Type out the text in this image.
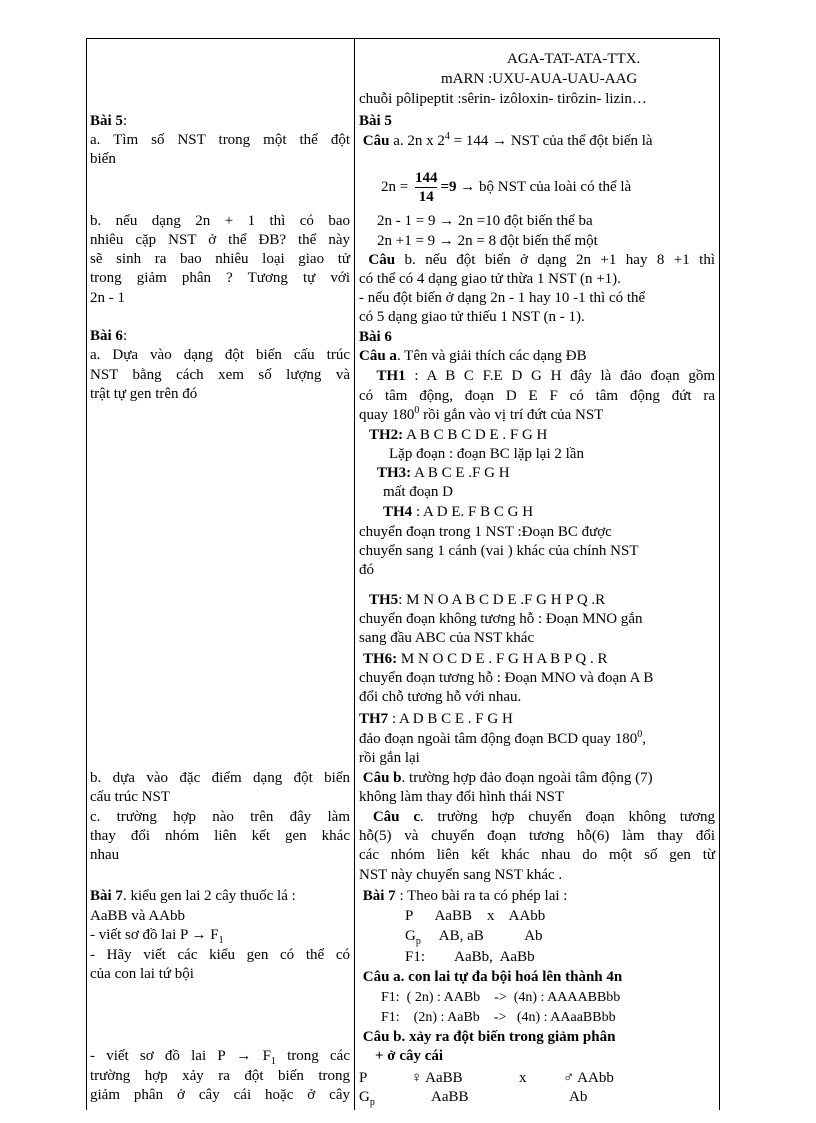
Bài 5:
a. Tìm số NST trong một thể đột
biến
b. nếu dạng 2n + 1 thì có bao
nhiêu cặp NST ở thể ĐB? thể này
sẽ sinh ra bao nhiêu loại giao tử
trong giảm phân ? Tương tự với
2n - 1
Bài 6:
a. Dựa vào dạng đột biến cấu trúc
NST bằng cách xem số lượng và
trật tự gen trên đó
b. dựa vào đặc điểm dạng đột biến
cấu trúc NST
c. trường hợp nào trên đây làm
thay đổi nhóm liên kết gen khác
nhau
Bài 7. kiểu gen lai 2 cây thuốc lá :
AaBB và AAbb
- viết sơ đồ lai $P \to F_1$
- Hãy viết các kiểu gen có thể có
của con lai tứ bội
- viết sơ đồ lai $P \to F_1$ trong các
trường hợp xảy ra đột biến trong
giảm phân ở cây cái hoặc ở cây
AGA-TAT-ATA-TTX.
mARN :UXU-AUA-UAU-AAG
chuỗi pôlipeptit :sêrin- izôloxin- tirôzin- lizin…
Bài 5
Câu a. 2n x $2^4 = 144$ → NST của thể đột biến là
$2n = \frac{144}{14} =9$ → bộ NST của loài có thể là
2n - 1 = 9 → 2n =10 đột biến thể ba
2n +1 = 9 → 2n = 8 đột biến thể một
Câu b. nếu đột biến ở dạng 2n +1 hay 8 +1 thì
có thể có 4 dạng giao tử thừa 1 NST (n +1).
- nếu đột biến ở dạng 2n - 1 hay 10 -1 thì có thể
có 5 dạng giao tử thiếu 1 NST (n - 1).
Bài 6
Câu a. Tên và giải thích các dạng ĐB
TH1 : A B C F.E D G H đây là đảo đoạn gồm
có tâm động, đoạn D E F có tâm động đứt ra
quay $180^0$ rồi gắn vào vị trí đứt của NST
TH2: A B C B C D E . F G H
Lặp đoạn : đoạn BC lặp lại 2 lần
TH3: A B C E .F G H
mất đoạn D
TH4 : A D E. F B C G H
chuyển đoạn trong 1 NST :Đoạn BC được
chuyển sang 1 cánh (vai ) khác của chính NST
đó
TH5: M N O A B C D E .F G H P Q .R
chuyển đoạn không tương hỗ : Đoạn MNO gắn
sang đầu ABC của NST khác
TH6: M N O C D E . F G H A B P Q . R
chuyển đoạn tương hỗ : Đoạn MNO và đoạn A B
đổi chỗ tương hỗ với nhau.
TH7 : A D B C E . F G H
đảo đoạn ngoài tâm động đoạn BCD quay $180^0$,
rồi gắn lại
Câu b. trường hợp đảo đoạn ngoài tâm động (7)
không làm thay đổi hình thái NST
Câu c. trường hợp chuyển đoạn không tương
hỗ(5) và chuyển đoạn tương hỗ(6) làm thay đổi
các nhóm liên kết khác nhau do một số gen từ
NST này chuyển sang NST khác .
Bài 7 : Theo bài ra ta có phép lai :
P      AaBB    x    AAbb
$G_p$     AB, aB           Ab
F1:        AaBb,  AaBb
Câu a. con lai tự đa bội hoá lên thành 4n
F1:  ( 2n) : AABb    ->  (4n) : AAAABBbb
F1:    (2n) : AaBb    ->   (4n) : AAaaBBbb
Câu b. xảy ra đột biến trong giảm phân
+ ở cây cái
P	♀ AaBB	x ♂ AAbb
$G_p$	AaBB	Ab
